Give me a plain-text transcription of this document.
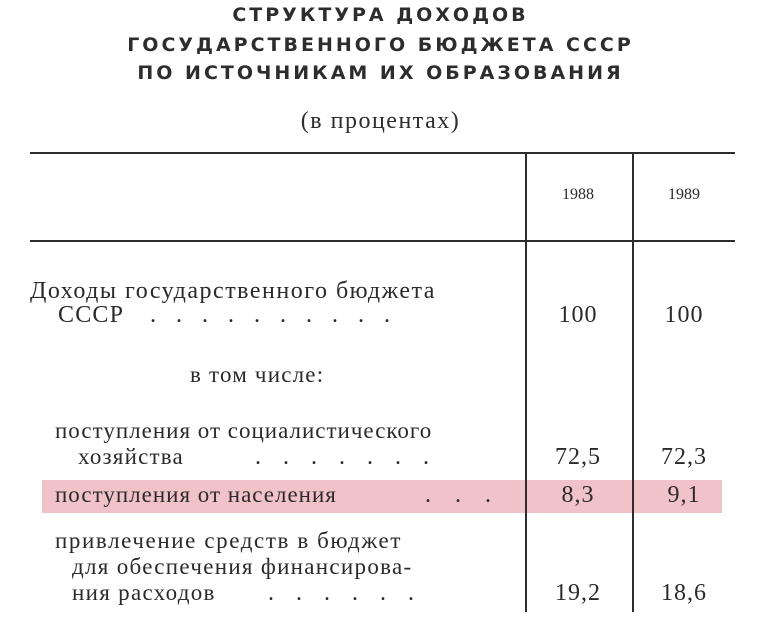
СТРУКТУРА ДОХОДОВ
ГОСУДАРСТВЕННОГО БЮДЖЕТА СССР
ПО ИСТОЧНИКАМ ИХ ОБРАЗОВАНИЯ
(в процентах)
1988	1989
Доходы государственного бюджета
СССР . . . . . . . . . .	100	100
в том числе:
поступления от социалистического
хозяйства	. . . . . . .	72,5	72,3
поступления от населения	. . .	8,3	9,1
привлечение средств в бюджет
для обеспечения финансирова-
ния расходов . . . . . .	19,2	18,6
